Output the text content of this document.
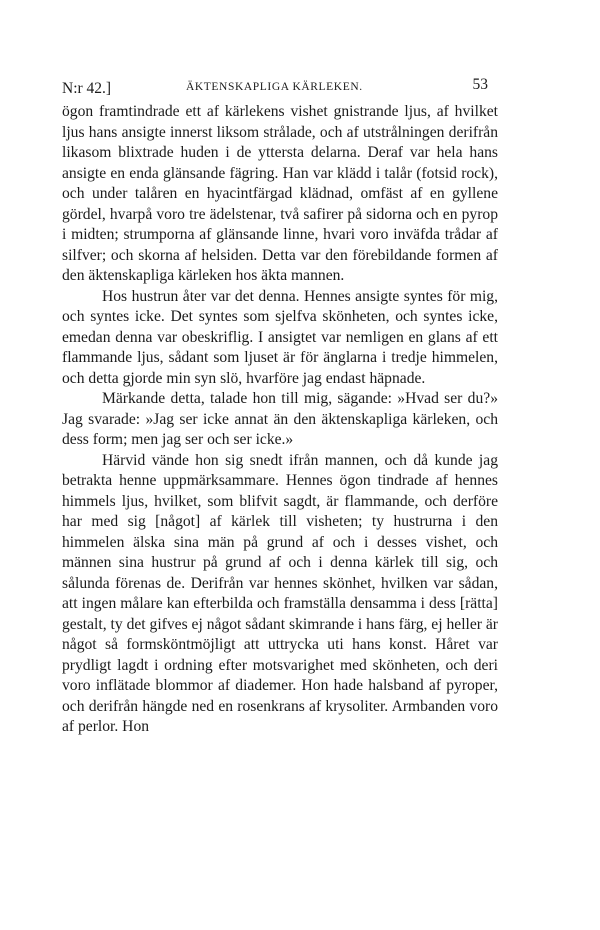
N:r 42.]	ÄKTENSKAPLIGA KÄRLEKEN.	53

ögon framtindrade ett af kärlekens vishet gnistrande ljus, af hvilket ljus hans ansigte innerst liksom strålade, och af utstrålningen derifrån likasom blixtrade huden i de yttersta delarna. Deraf var hela hans ansigte en enda glänsande fägring. Han var klädd i talår (fotsid rock), och under talåren en hyacintfärgad klädnad, omfäst af en gyllene gördel, hvarpå voro tre ädelstenar, två safirer på sidorna och en pyrop i midten; strumporna af glänsande linne, hvari voro inväfda trådar af silfver; och skorna af helsiden. Detta var den förebildande formen af den äktenskapliga kärleken hos äkta mannen.

Hos hustrun åter var det denna. Hennes ansigte syntes för mig, och syntes icke. Det syntes som sjelfva skönheten, och syntes icke, emedan denna var obeskriflig. I ansigtet var nemligen en glans af ett flammande ljus, sådant som ljuset är för änglarna i tredje himmelen, och detta gjorde min syn slö, hvarföre jag endast häpnade.

Märkande detta, talade hon till mig, sägande: »Hvad ser du?» Jag svarade: »Jag ser icke annat än den äktenskapliga kärleken, och dess form; men jag ser och ser icke.»

Härvid vände hon sig snedt ifrån mannen, och då kunde jag betrakta henne uppmärksammare. Hennes ögon tindrade af hennes himmels ljus, hvilket, som blifvit sagdt, är flammande, och derföre har med sig [något] af kärlek till visheten; ty hustrurna i den himmelen älska sina män på grund af och i desses vishet, och männen sina hustrur på grund af och i denna kärlek till sig, och sålunda förenas de. Derifrån var hennes skönhet, hvilken var sådan, att ingen målare kan efterbilda och framställa densamma i dess [rätta] gestalt, ty det gifves ej något sådant skimrande i hans färg, ej heller är något så formsköntmöjligt att uttrycka uti hans konst. Håret var prydligt lagdt i ordning efter motsvarighet med skönheten, och deri voro inflätade blommor af diademer. Hon hade halsband af pyroper, och derifrån hängde ned en rosenkrans af krysoliter. Armbanden voro af perlor. Hon
